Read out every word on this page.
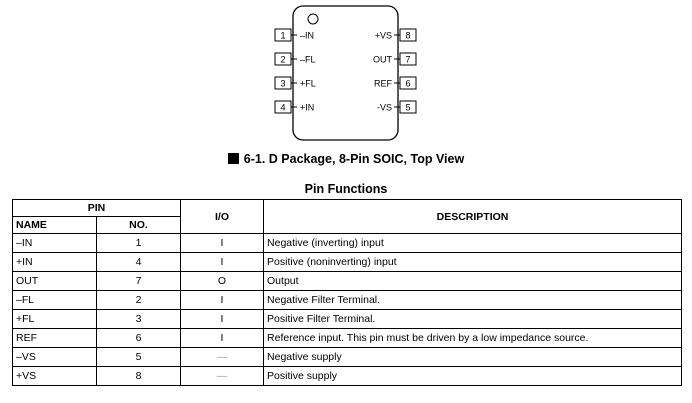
1 –IN
2 –FL
3 +FL
4 +IN
8
+VS
7
OUT
6
REF
5
-VS
6-1. D Package, 8-Pin SOIC, Top View
Pin Functions
PIN		I/O	DESCRIPTION
NAME	NO.		
–IN	1	I	Negative (inverting) input
+IN	4	I	Positive (noninverting) input
OUT	7	O	Output
–FL	2	I	Negative Filter Terminal.
+FL	3	I	Positive Filter Terminal.
REF	6	I	Reference input. This pin must be driven by a low impedance source.
–VS	5	—	Negative supply
+VS	8	—	Positive supply
